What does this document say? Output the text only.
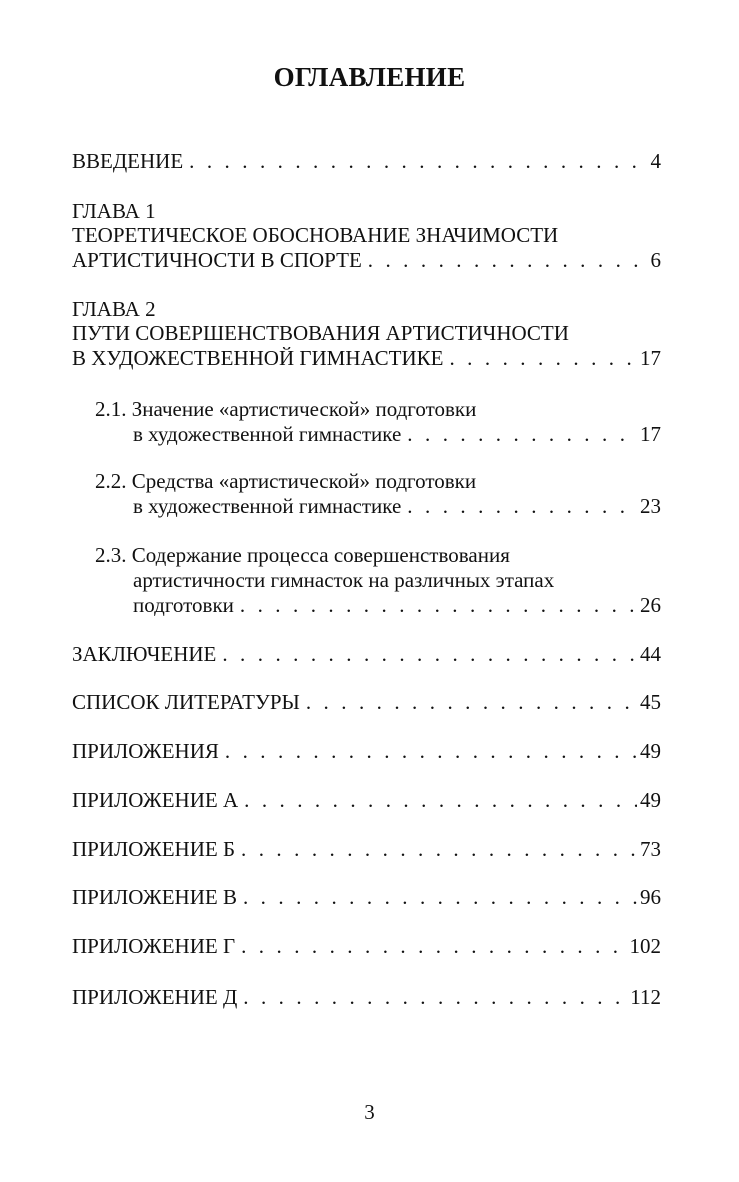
ОГЛАВЛЕНИЕ
ВВЕДЕНИЕ . . .	4
ГЛАВА 1
ТЕОРЕТИЧЕСКОЕ ОБОСНОВАНИЕ ЗНАЧИМОСТИ
АРТИСТИЧНОСТИ В СПОРТЕ . . .	6
ГЛАВА 2
ПУТИ СОВЕРШЕНСТВОВАНИЯ АРТИСТИЧНОСТИ
В ХУДОЖЕСТВЕННОЙ ГИМНАСТИКЕ . . .	17
2.1. Значение «артистической» подготовки
в художественной гимнастике . . .	17
2.2. Средства «артистической» подготовки
в художественной гимнастике . . .	23
2.3. Содержание процесса совершенствования
артистичности гимнасток на различных этапах
подготовки . . .	26
ЗАКЛЮЧЕНИЕ . . .	44
СПИСОК ЛИТЕРАТУРЫ . . .	45
ПРИЛОЖЕНИЯ . . .	49
ПРИЛОЖЕНИЕ А . . .	49
ПРИЛОЖЕНИЕ Б . . .	73
ПРИЛОЖЕНИЕ В . . .	96
ПРИЛОЖЕНИЕ Г . . .	102
ПРИЛОЖЕНИЕ Д . . .	112
3
